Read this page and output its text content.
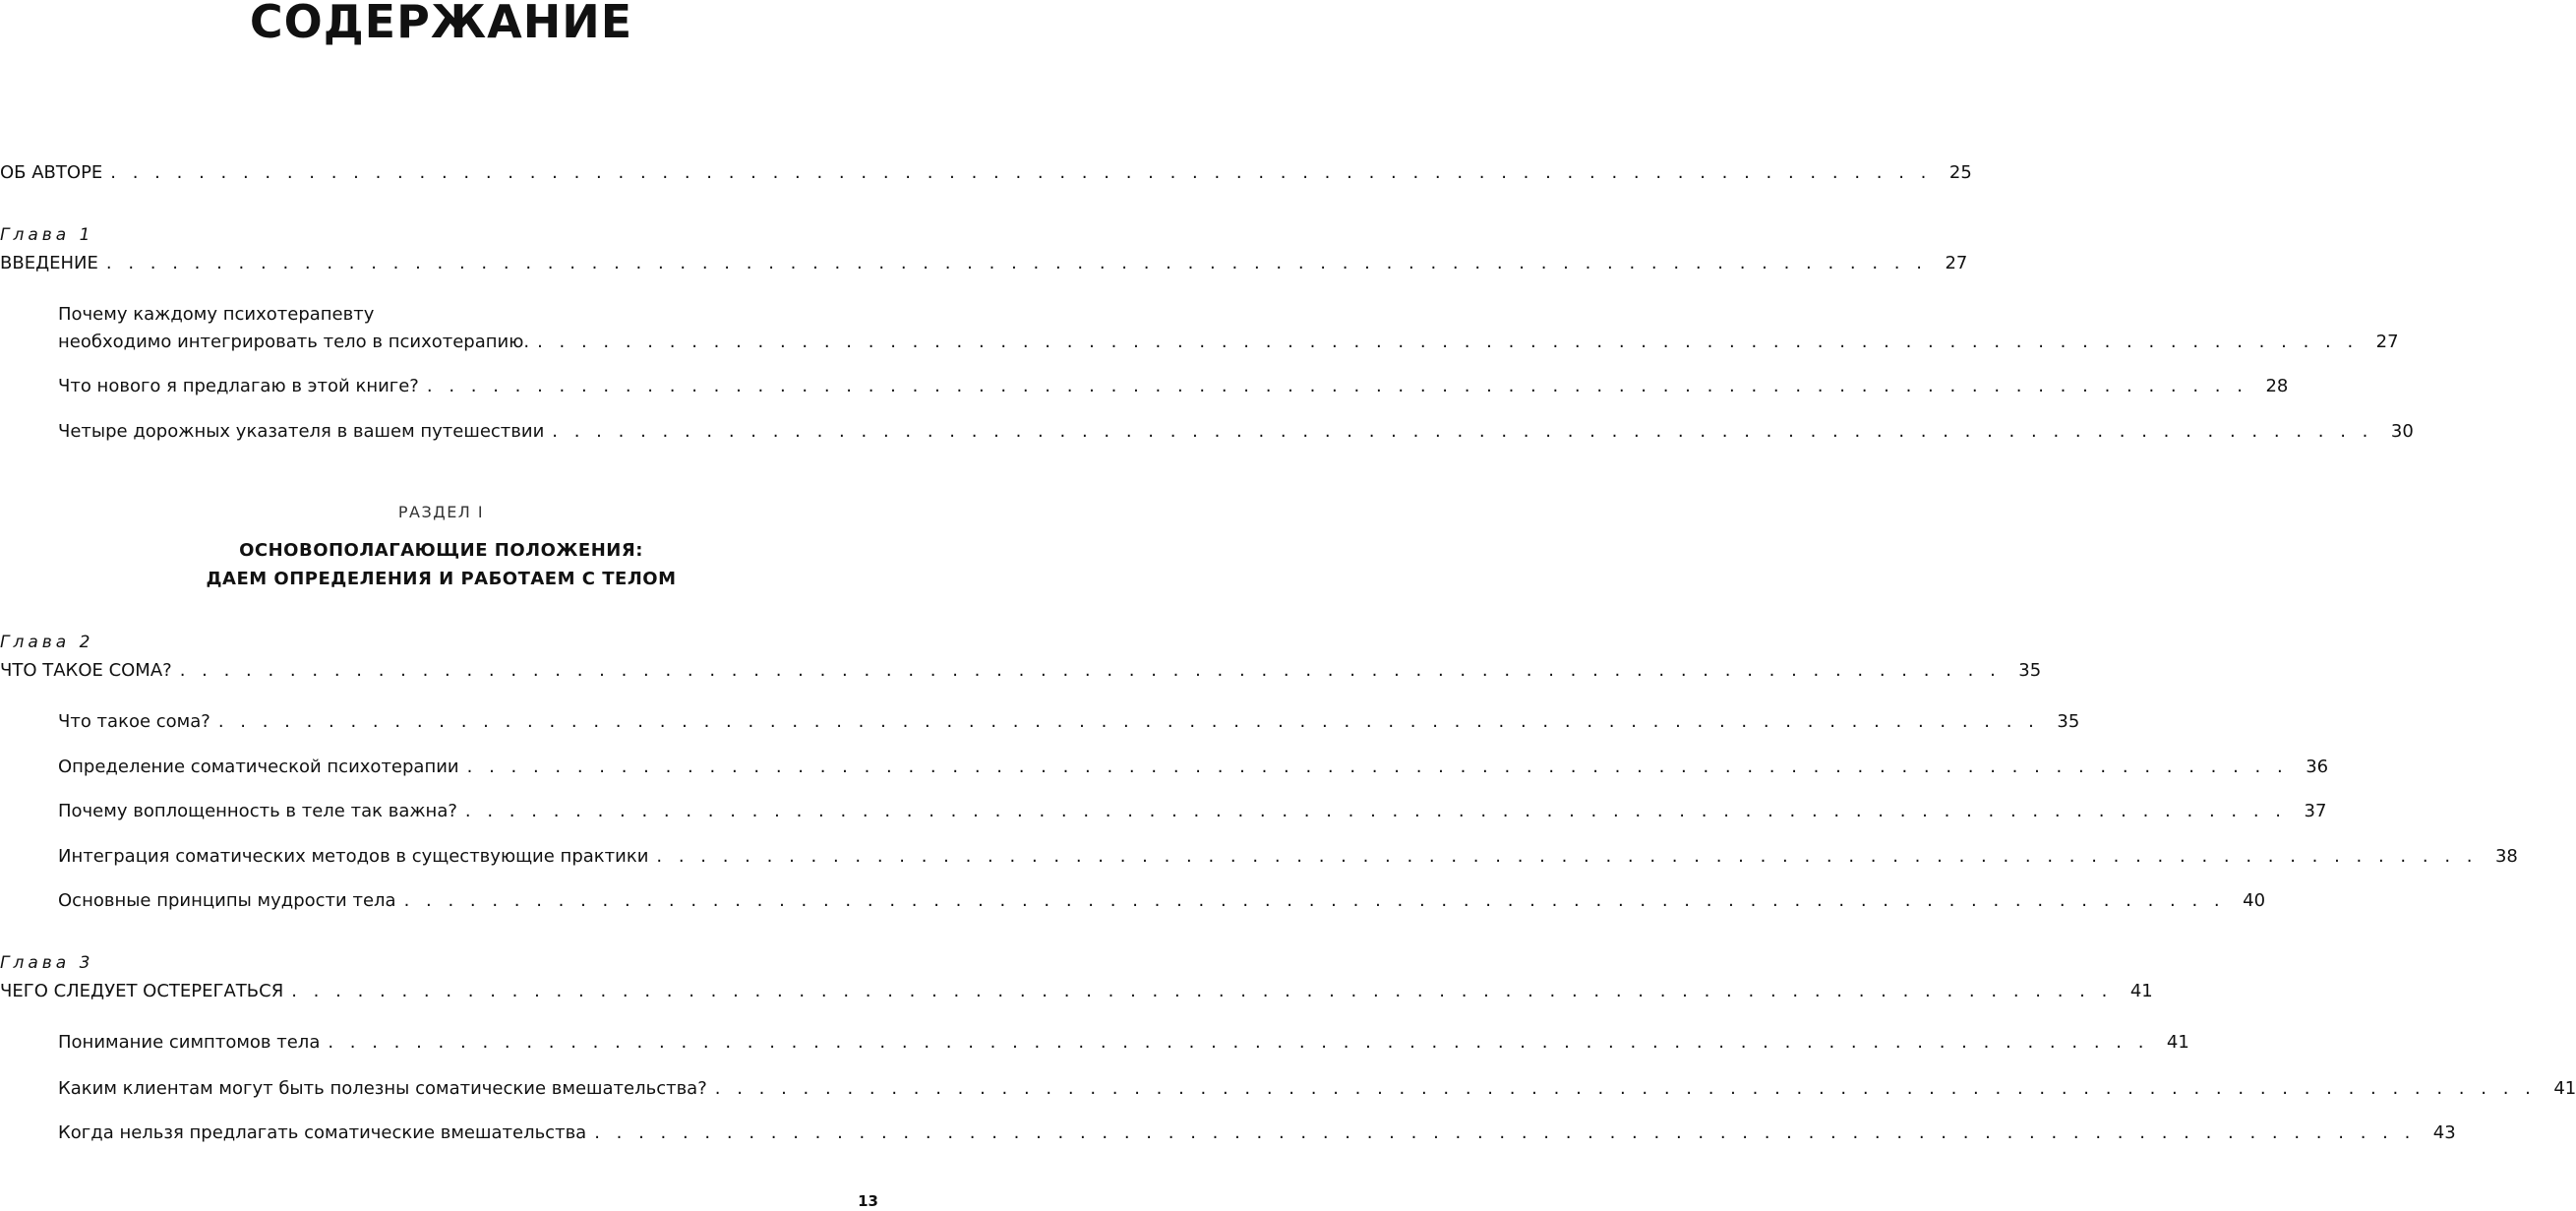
СОДЕРЖАНИЕ
ОБ АВТОРЕ . . . . . . . . . . . . . . . . . . . . . . . . . . . . . . . . . . . . . . . . . . . . . . . . . . . . . . . . . . . . . . . . . . . . . . . . . . . . . . . . . . . 25
Глава 1
ВВЕДЕНИЕ . . . . . . . . . . . . . . . . . . . . . . . . . . . . . . . . . . . . . . . . . . . . . . . . . . . . . . . . . . . . . . . . . . . . . . . . . . . . . . . . . . . 27
Почему каждому психотерапевту
необходимо интегрировать тело в психотерапию. . . . . . . . . . . . . . . . . . . . . . . . . . . . . . . . . . . . . . . . . . . . . . . . . . . . . . . . . . . . . . . . . . . . . . . . . . . . . . . . . . . . 27
Что нового я предлагаю в этой книге? . . . . . . . . . . . . . . . . . . . . . . . . . . . . . . . . . . . . . . . . . . . . . . . . . . . . . . . . . . . . . . . . . . . . . . . . . . . . . . . . . . . 28
Четыре дорожных указателя в вашем путешествии . . . . . . . . . . . . . . . . . . . . . . . . . . . . . . . . . . . . . . . . . . . . . . . . . . . . . . . . . . . . . . . . . . . . . . . . . . . . . . . . . . . 30
РАЗДЕЛ I
ОСНОВОПОЛАГАЮЩИЕ ПОЛОЖЕНИЯ:
ДАЕМ ОПРЕДЕЛЕНИЯ И РАБОТАЕМ С ТЕЛОМ
Глава 2
ЧТО ТАКОЕ СОМА? . . . . . . . . . . . . . . . . . . . . . . . . . . . . . . . . . . . . . . . . . . . . . . . . . . . . . . . . . . . . . . . . . . . . . . . . . . . . . . . . . . . 35
Что такое сома? . . . . . . . . . . . . . . . . . . . . . . . . . . . . . . . . . . . . . . . . . . . . . . . . . . . . . . . . . . . . . . . . . . . . . . . . . . . . . . . . . . . 35
Определение соматической психотерапии . . . . . . . . . . . . . . . . . . . . . . . . . . . . . . . . . . . . . . . . . . . . . . . . . . . . . . . . . . . . . . . . . . . . . . . . . . . . . . . . . . . 36
Почему воплощенность в теле так важна? . . . . . . . . . . . . . . . . . . . . . . . . . . . . . . . . . . . . . . . . . . . . . . . . . . . . . . . . . . . . . . . . . . . . . . . . . . . . . . . . . . . 37
Интеграция соматических методов в существующие практики . . . . . . . . . . . . . . . . . . . . . . . . . . . . . . . . . . . . . . . . . . . . . . . . . . . . . . . . . . . . . . . . . . . . . . . . . . . . . . . . . . . 38
Основные принципы мудрости тела . . . . . . . . . . . . . . . . . . . . . . . . . . . . . . . . . . . . . . . . . . . . . . . . . . . . . . . . . . . . . . . . . . . . . . . . . . . . . . . . . . . 40
Глава 3
ЧЕГО СЛЕДУЕТ ОСТЕРЕГАТЬСЯ . . . . . . . . . . . . . . . . . . . . . . . . . . . . . . . . . . . . . . . . . . . . . . . . . . . . . . . . . . . . . . . . . . . . . . . . . . . . . . . . . . . 41
Понимание симптомов тела . . . . . . . . . . . . . . . . . . . . . . . . . . . . . . . . . . . . . . . . . . . . . . . . . . . . . . . . . . . . . . . . . . . . . . . . . . . . . . . . . . . 41
Каким клиентам могут быть полезны соматические вмешательства? . . . . . . . . . . . . . . . . . . . . . . . . . . . . . . . . . . . . . . . . . . . . . . . . . . . . . . . . . . . . . . . . . . . . . . . . . . . . . . . . . . . 41
Когда нельзя предлагать соматические вмешательства . . . . . . . . . . . . . . . . . . . . . . . . . . . . . . . . . . . . . . . . . . . . . . . . . . . . . . . . . . . . . . . . . . . . . . . . . . . . . . . . . . . 43
13
